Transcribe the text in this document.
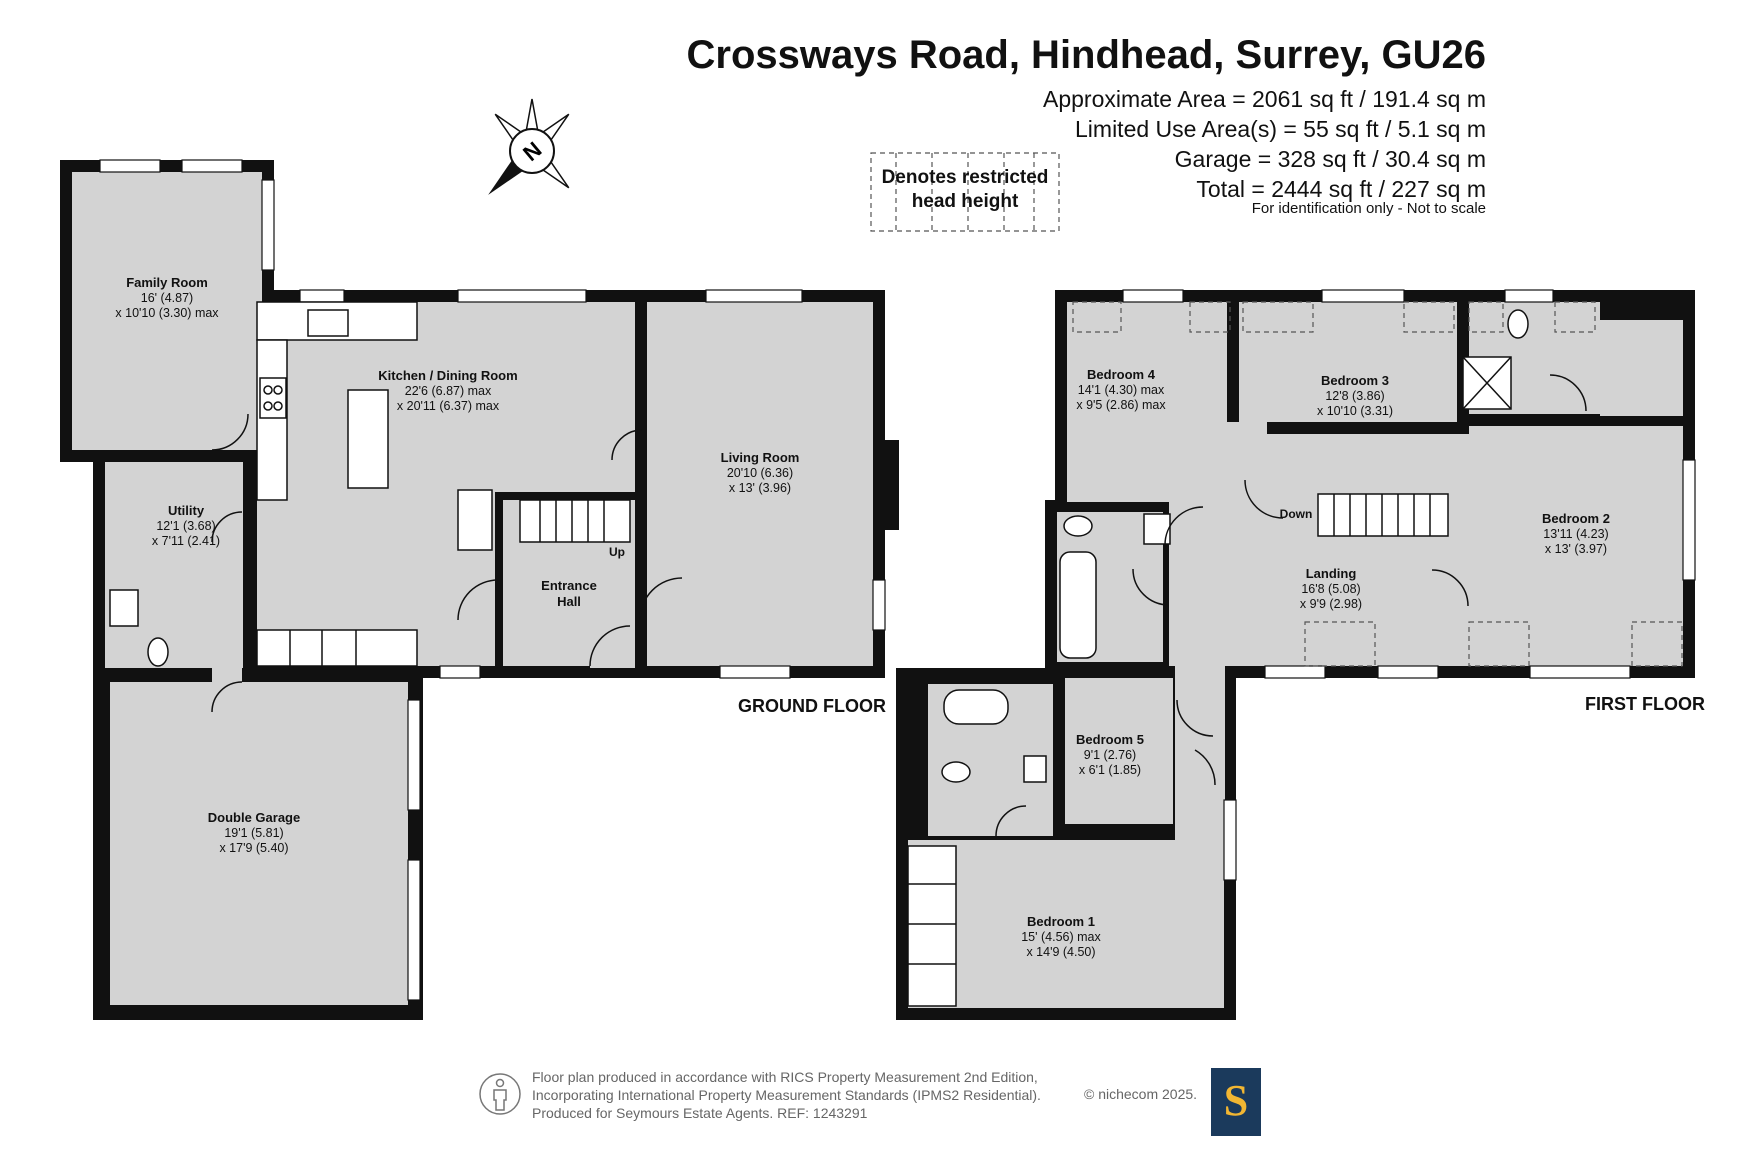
Crossways Road, Hindhead, Surrey, GU26
Approximate Area = 2061 sq ft / 191.4 sq m
Limited Use Area(s) = 55 sq ft / 5.1 sq m
Garage = 328 sq ft / 30.4 sq m
Total = 2444 sq ft / 227 sq m
For identification only - Not to scale
Denotes restricted
head height
N
Family Room
16' (4.87)
x 10'10 (3.30) max
Kitchen / Dining Room
22'6 (6.87) max
x 20'11 (6.37) max
Living Room
20'10 (6.36)
x 13' (3.96)
Utility
12'1 (3.68)
x 7'11 (2.41)
Entrance
Hall
Up
Double Garage
19'1 (5.81)
x 17'9 (5.40)
GROUND FLOOR
Bedroom 4
14'1 (4.30) max
x 9'5 (2.86) max
Bedroom 3
12'8 (3.86)
x 10'10 (3.31)
Bedroom 2
13'11 (4.23)
x 13' (3.97)
Landing
16'8 (5.08)
x 9'9 (2.98)
Down
Bedroom 5
9'1 (2.76)
x 6'1 (1.85)
Bedroom 1
15' (4.56) max
x 14'9 (4.50)
FIRST FLOOR
Floor plan produced in accordance with RICS Property Measurement 2nd Edition,
Incorporating International Property Measurement Standards (IPMS2 Residential).
Produced for Seymours Estate Agents. REF: 1243291
© nichecom 2025. S
